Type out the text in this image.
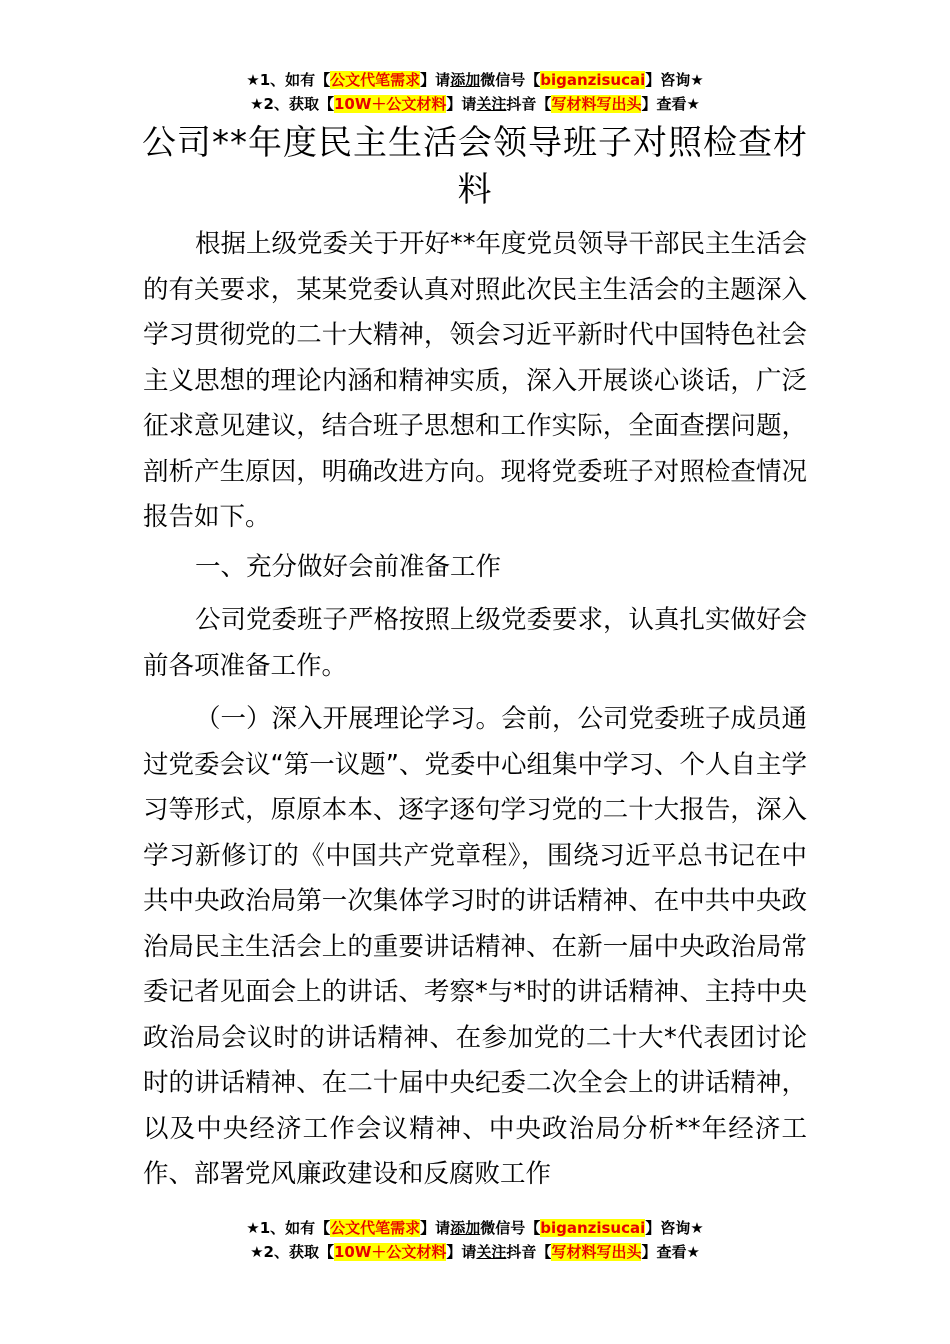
★1、如有【公文代笔需求】请添加微信号【biganzisucai】咨询★
★2、获取【10W＋公文材料】请关注抖音【写材料写出头】查看★
公司**年度民主生活会领导班子对照检查材料
根据上级党委关于开好**年度党员领导干部民主生活会的有关要求，某某党委认真对照此次民主生活会的主题深入学习贯彻党的二十大精神，领会习近平新时代中国特色社会主义思想的理论内涵和精神实质，深入开展谈心谈话，广泛征求意见建议，结合班子思想和工作实际，全面查摆问题，剖析产生原因，明确改进方向。现将党委班子对照检查情况报告如下。
一、充分做好会前准备工作
公司党委班子严格按照上级党委要求，认真扎实做好会前各项准备工作。
（一）深入开展理论学习。会前，公司党委班子成员通过党委会议“第一议题”、党委中心组集中学习、个人自主学习等形式，原原本本、逐字逐句学习党的二十大报告，深入学习新修订的《中国共产党章程》，围绕习近平总书记在中共中央政治局第一次集体学习时的讲话精神、在中共中央政治局民主生活会上的重要讲话精神、在新一届中央政治局常委记者见面会上的讲话、考察*与*时的讲话精神、主持中央政治局会议时的讲话精神、在参加党的二十大*代表团讨论时的讲话精神、在二十届中央纪委二次全会上的讲话精神，以及中央经济工作会议精神、中央政治局分析**年经济工作、部署党风廉政建设和反腐败工作
★1、如有【公文代笔需求】请添加微信号【biganzisucai】咨询★
★2、获取【10W＋公文材料】请关注抖音【写材料写出头】查看★
